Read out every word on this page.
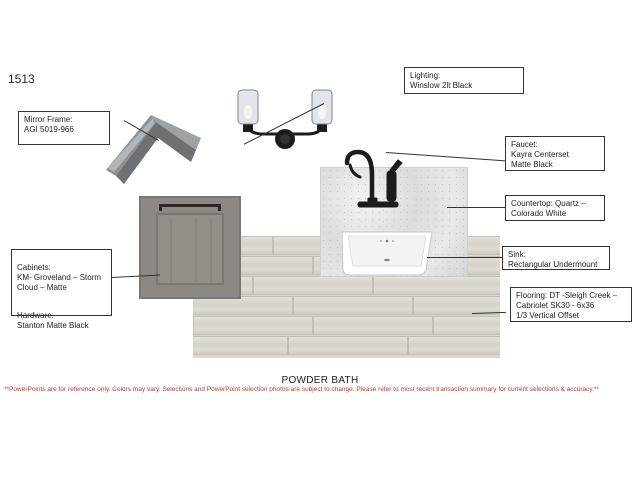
1513
Mirror Frame:
AGI 5019-966
Lighting:
Winslow 2lt Black
Faucet:
Kayra Centerset
Matte Black
Countertop: Quartz –
Colorado White
Sink:
Rectangular Undermount
Flooring: DT -Sleigh Creek –
Cabriolet SK30 - 6x36
1/3 Vertical Offset

Cabinets:
KM- Groveland – Storm
Cloud – Matte

Hardware:
Stanton Matte Black

POWDER BATH
**PowerPoints are for reference only. Colors may vary. Selections and PowerPoint selection photos are subject to change. Please refer to most recent transaction summary for current selections & accuracy.**
